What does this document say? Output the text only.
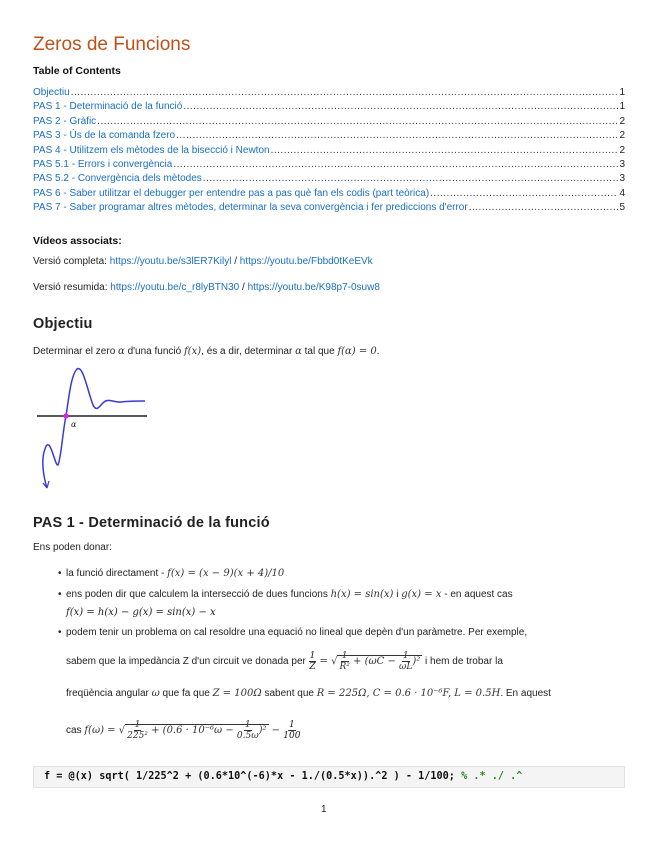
Zeros de Funcions
Table of Contents
Objectiu .....	1
PAS 1 - Determinació de la funció .....	1
PAS 2 - Gràfic .....	2
PAS 3 - Ús de la comanda fzero .....	2
PAS 4 - Utilitzem els mètodes de la bisecció i Newton .....	2
PAS 5.1 - Errors i convergència .....	3
PAS 5.2 - Convergència dels mètodes .....	3
PAS 6 - Saber utilitzar el debugger per entendre pas a pas què fan els codis (part teòrica) .....	4
PAS 7 - Saber programar altres mètodes, determinar la seva convergència i fer prediccions d'error .....	5
Vídeos associats:
Versió completa: https://youtu.be/s3lER7Kilyl / https://youtu.be/Fbbd0tKeEVk
Versió resumida: https://youtu.be/c_r8lyBTN30 / https://youtu.be/K98p7-0suw8
Objectiu
Determinar el zero α d'una funció f(x), és a dir, determinar α tal que f(α) = 0.
α
PAS 1 - Determinació de la funció
Ens poden donar:
• la funció directament - f(x) = (x − 9)(x + 4)/10
• ens poden dir que calculem la intersecció de dues funcions h(x) = sin(x) i g(x) = x - en aquest cas
f(x) = h(x) − g(x) = sin(x) − x
• podem tenir un problema on cal resoldre una equació no lineal que depèn d'un paràmetre. Per exemple,
sabem que la impedància Z d'un circuit ve donada per $\frac{1}{Z}$ = √ $\frac{1}{\text{R²}} + (\omega C - \frac{1}{\omega L} )^2$ i hem de trobar la
freqüència angular ω que fa que Z = 100Ω sabent que R = 225Ω, C = 0.6 · 10⁻⁶F, L = 0.5H. En aquest
cas f(ω) = √ $\frac{1}{\text{225²}} + (0.6 \cdot 10^{-6}\omega - \frac{1}{0.5\omega} )^2 - \frac{1}{100}$
f = @(x) sqrt( 1/225^2 + (0.6*10^(-6)*x - 1./(0.5*x)).^2 ) - 1/100; % .* ./ .^
1
